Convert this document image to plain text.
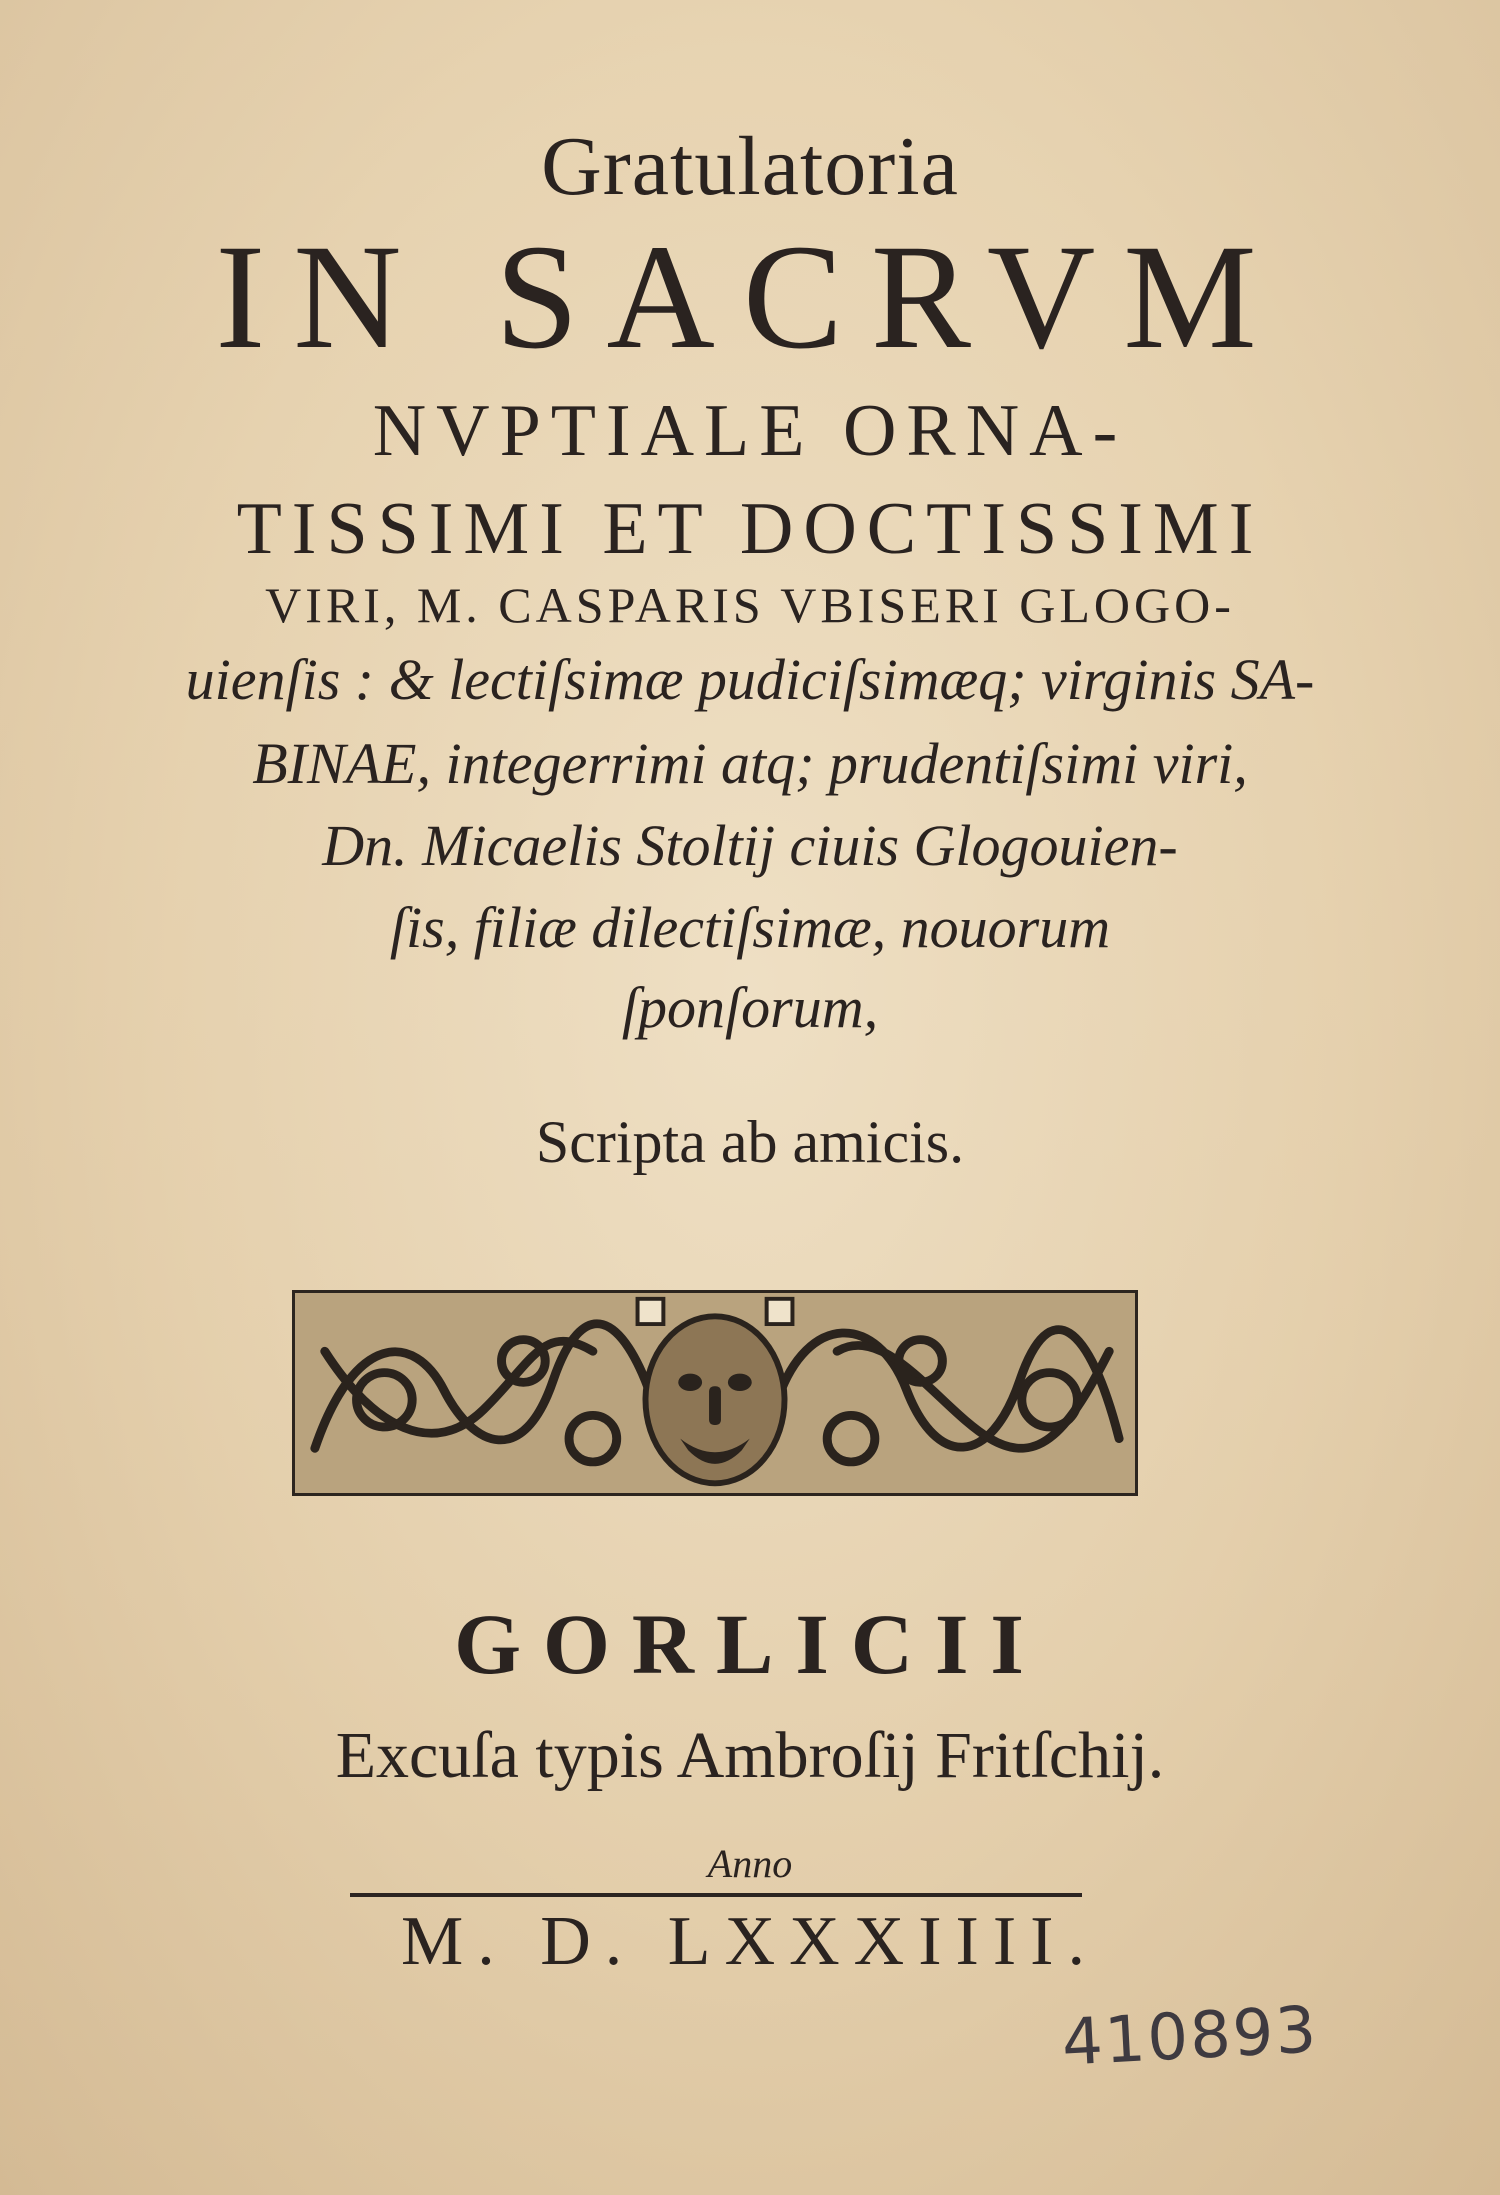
Gratulatoria
IN SACRVM
NVPTIALE ORNA-
TISSIMI ET DOCTISSIMI
VIRI, M. CASPARIS VBISERI GLOGO-
uienſis : & lectiſsimæ pudiciſsimæq; virginis SA-
BINAE, integerrimi atq; prudentiſsimi viri,
Dn. Micaelis Stoltij ciuis Glogouien-
ſis, filiæ dilectiſsimæ, nouorum
ſponſorum,
Scripta ab amicis.
GORLICII
Excuſa typis Ambroſij Fritſchij.
Anno
M. D. LXXXIIII.
410893
